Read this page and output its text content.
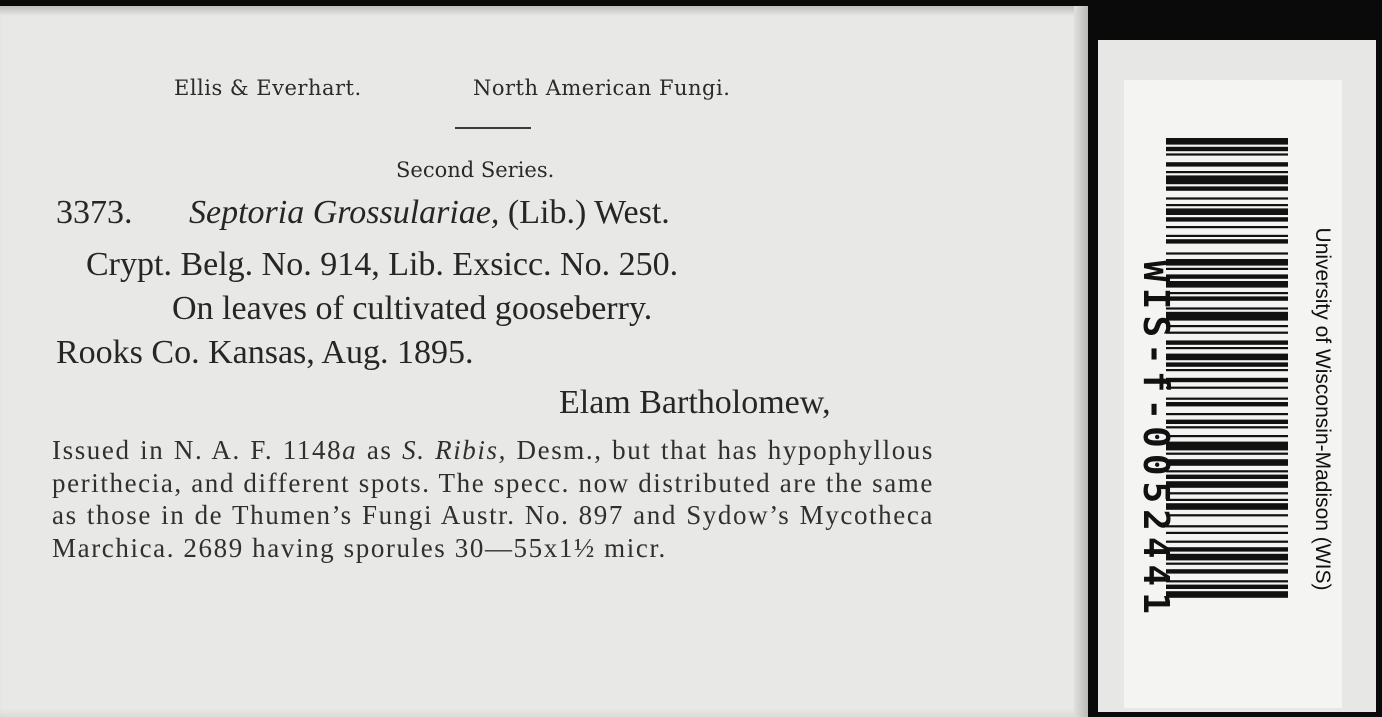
Ellis & Everhart.	North American Fungi.
Second Series.
3373. Septoria Grossulariae, (Lib.) West.
Crypt. Belg. No. 914, Lib. Exsicc. No. 250.
On leaves of cultivated gooseberry.
Rooks Co. Kansas, Aug. 1895.
Elam Bartholomew,
Issued in N. A. F. 1148a as S. Ribis, Desm., but that has hypophyllous perithecia, and different spots. The specc. now distributed are the same as those in de Thumen’s Fungi Austr. No. 897 and Sydow’s Mycotheca Marchica. 2689 having sporules 30—55x1½ micr.	WIS-f-0052441	University of Wisconsin-Madison (WIS)
